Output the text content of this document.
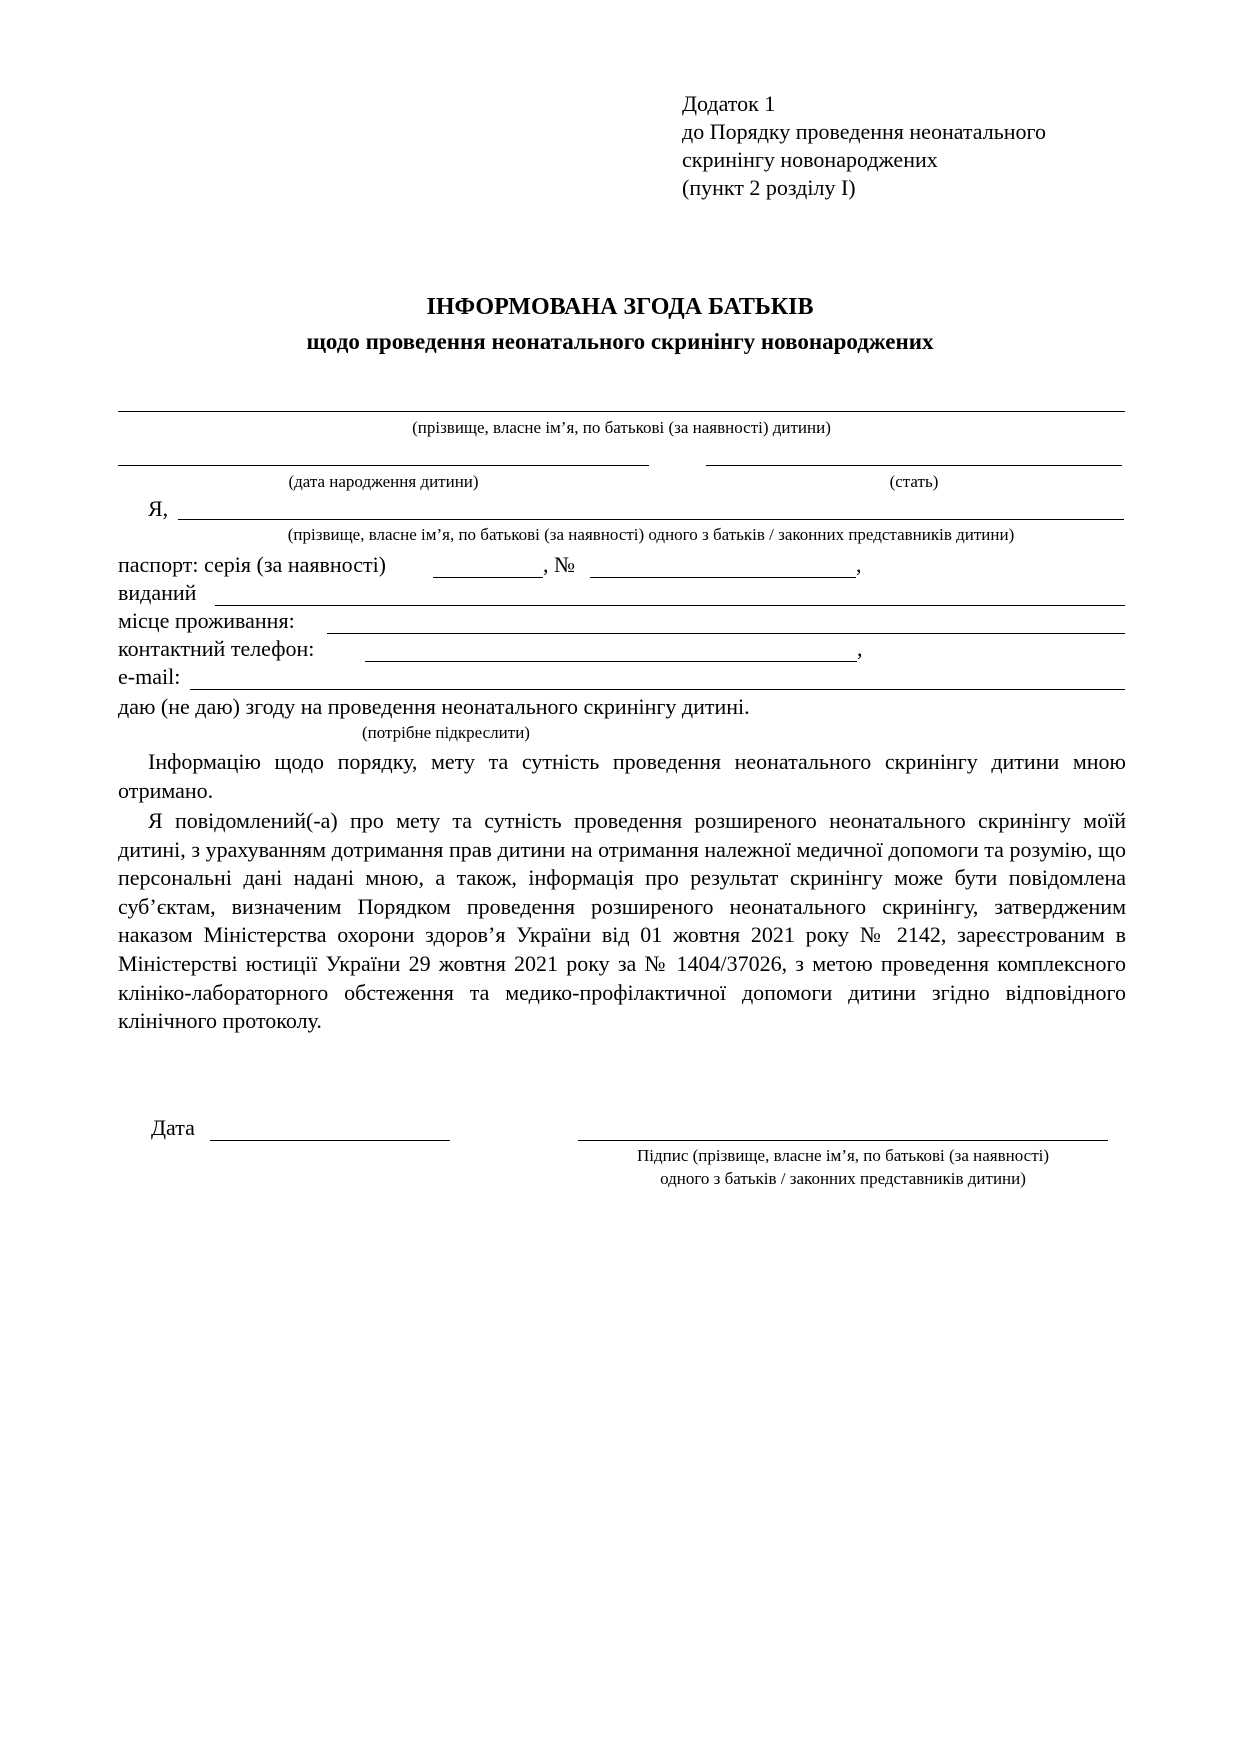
Додаток 1
до Порядку проведення неонатального
скринінгу новонароджених
(пункт 2 розділу І)
ІНФОРМОВАНА ЗГОДА БАТЬКІВ
щодо проведення неонатального скринінгу новонароджених
(прізвище, власне ім’я, по батькові (за наявності) дитини)
(дата народження дитини)	(стать)
Я,
(прізвище, власне ім’я, по батькові (за наявності) одного з батьків / законних представників дитини)
паспорт: серія (за наявності)	, №	,
виданий
місце проживання:
контактний телефон:	,
e-mail:
даю (не даю) згоду на проведення неонатального скринінгу дитині.
(потрібне підкреслити)
Інформацію щодо порядку, мету та сутність проведення неонатального скринінгу дитини мною отримано.
Я повідомлений(-а) про мету та сутність проведення розширеного неонатального скринінгу моїй дитині, з урахуванням дотримання прав дитини на отримання належної медичної допомоги та розумію, що персональні дані надані мною, а також, інформація про результат скринінгу може бути повідомлена суб’єктам, визначеним Порядком проведення розширеного неонатального скринінгу, затвердженим наказом Міністерства охорони здоров’я України від 01 жовтня 2021 року № 2142, зареєстрованим в Міністерстві юстиції України 29 жовтня 2021 року за № 1404/37026, з метою проведення комплексного клініко-лабораторного обстеження та медико-профілактичної допомоги дитини згідно відповідного клінічного протоколу.
Дата
Підпис (прізвище, власне ім’я, по батькові (за наявності)
одного з батьків / законних представників дитини)
